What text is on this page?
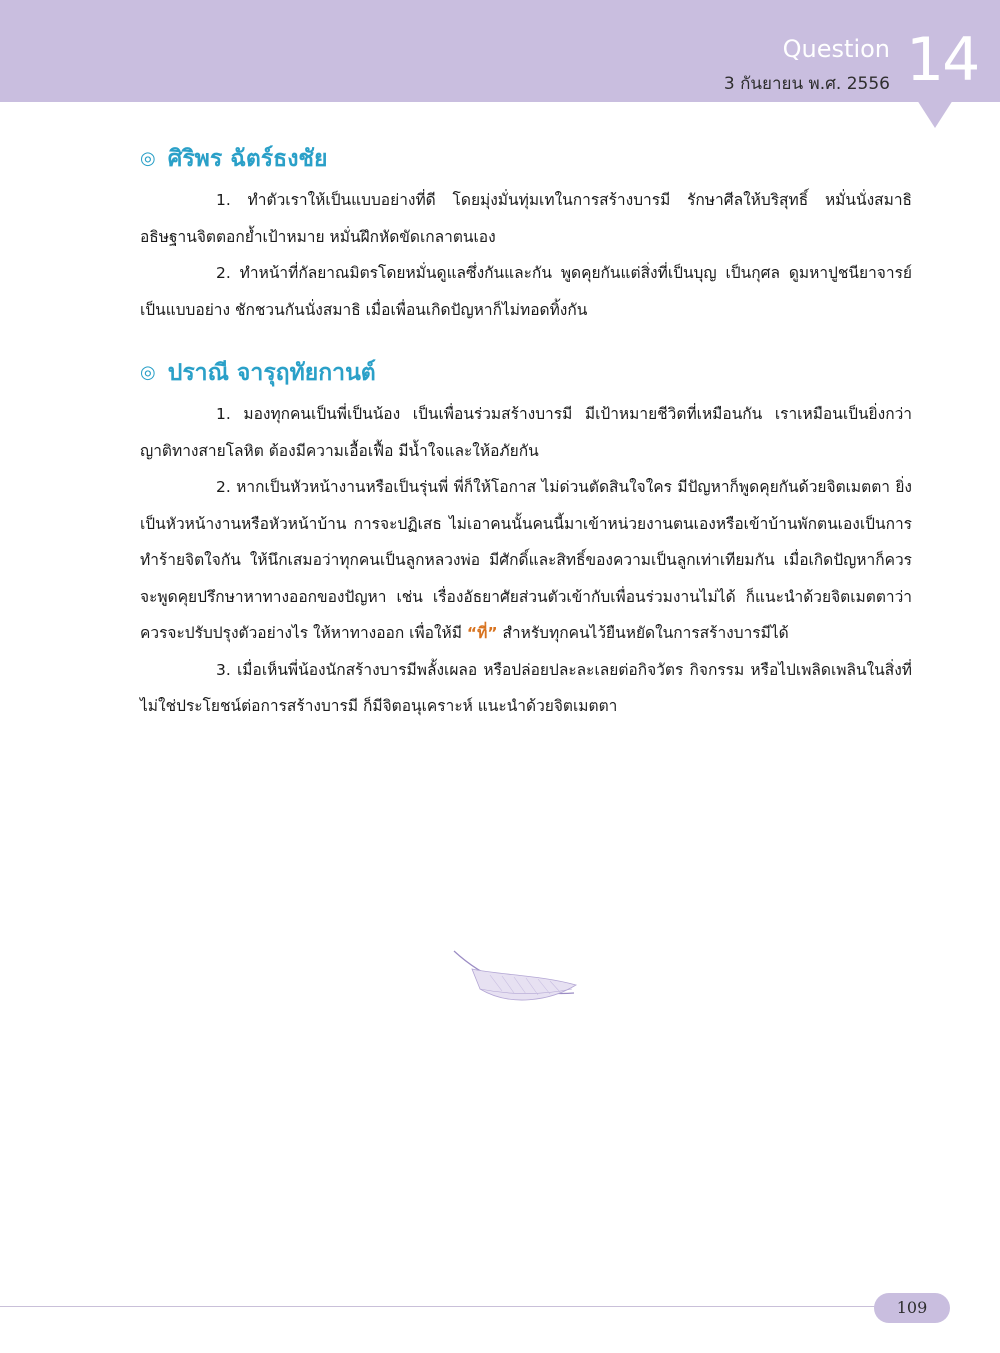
Question
3 กันยายน พ.ศ. 2556 14
◎ ศิริพร ฉัตร์ธงชัย

1. ทำตัวเราให้เป็นแบบอย่างที่ดี โดยมุ่งมั่นทุ่มเทในการสร้างบารมี รักษาศีลให้บริสุทธิ์ หมั่นนั่งสมาธิ อธิษฐานจิตตอกย้ำเป้าหมาย หมั่นฝึกหัดขัดเกลาตนเอง

2. ทำหน้าที่กัลยาณมิตรโดยหมั่นดูแลซึ่งกันและกัน พูดคุยกันแต่สิ่งที่เป็นบุญ เป็นกุศล ดูมหาปูชนียาจารย์เป็นแบบอย่าง ชักชวนกันนั่งสมาธิ เมื่อเพื่อนเกิดปัญหาก็ไม่ทอดทิ้งกัน

◎ ปราณี จารุฤทัยกานต์

1. มองทุกคนเป็นพี่เป็นน้อง เป็นเพื่อนร่วมสร้างบารมี มีเป้าหมายชีวิตที่เหมือนกัน เราเหมือนเป็นยิ่งกว่าญาติทางสายโลหิต ต้องมีความเอื้อเฟื้อ มีน้ำใจและให้อภัยกัน

2. หากเป็นหัวหน้างานหรือเป็นรุ่นพี่ พี่ก็ให้โอกาส ไม่ด่วนตัดสินใจใคร มีปัญหาก็พูดคุยกันด้วยจิตเมตตา ยิ่งเป็นหัวหน้างานหรือหัวหน้าบ้าน การจะปฏิเสธ ไม่เอาคนนั้นคนนี้มาเข้าหน่วยงานตนเองหรือเข้าบ้านพักตนเองเป็นการทำร้ายจิตใจกัน ให้นึกเสมอว่าทุกคนเป็นลูกหลวงพ่อ มีศักดิ์และสิทธิ์ของความเป็นลูกเท่าเทียมกัน เมื่อเกิดปัญหาก็ควรจะพูดคุยปรึกษาหาทางออกของปัญหา เช่น เรื่องอัธยาศัยส่วนตัวเข้ากับเพื่อนร่วมงานไม่ได้ ก็แนะนำด้วยจิตเมตตาว่าควรจะปรับปรุงตัวอย่างไร ให้หาทางออก เพื่อให้มี “ที่” สำหรับทุกคนไว้ยืนหยัดในการสร้างบารมีได้

3. เมื่อเห็นพี่น้องนักสร้างบารมีพลั้งเผลอ หรือปล่อยปละละเลยต่อกิจวัตร กิจกรรม หรือไปเพลิดเพลินในสิ่งที่ไม่ใช่ประโยชน์ต่อการสร้างบารมี ก็มีจิตอนุเคราะห์ แนะนำด้วยจิตเมตตา

109
